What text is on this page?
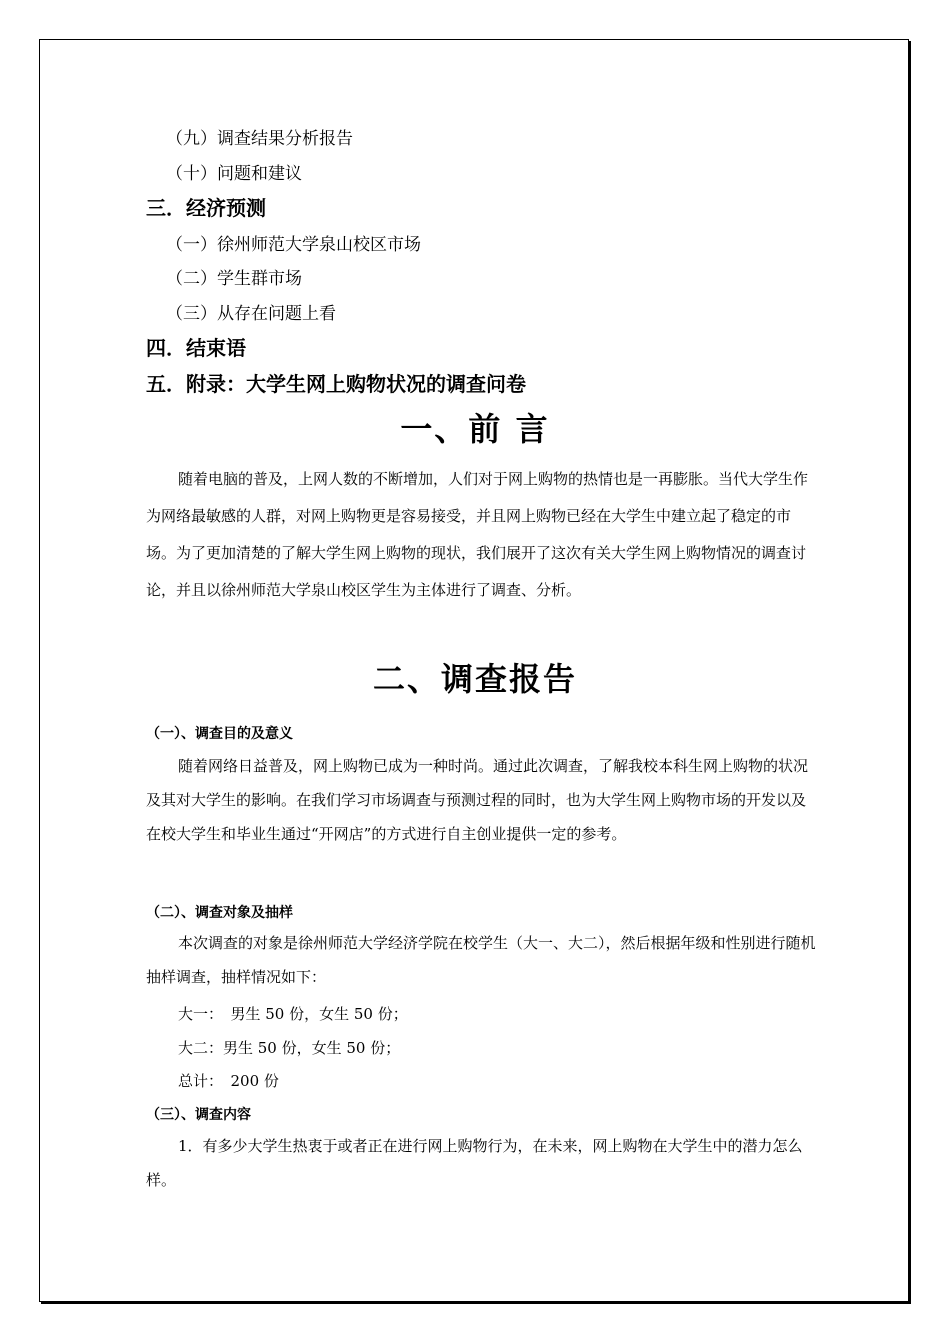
（九）调查结果分析报告
（十）问题和建议
三．经济预测
（一）徐州师范大学泉山校区市场
（二）学生群市场
（三）从存在问题上看
四．结束语
五．附录：大学生网上购物状况的调查问卷
一、前 言
随着电脑的普及，上网人数的不断增加，人们对于网上购物的热情也是一再膨胀。当代大学生作为网络最敏感的人群，对网上购物更是容易接受，并且网上购物已经在大学生中建立起了稳定的市场。为了更加清楚的了解大学生网上购物的现状，我们展开了这次有关大学生网上购物情况的调查讨论，并且以徐州师范大学泉山校区学生为主体进行了调查、分析。
二、调查报告
（一）、调查目的及意义
随着网络日益普及，网上购物已成为一种时尚。通过此次调查，了解我校本科生网上购物的状况及其对大学生的影响。在我们学习市场调查与预测过程的同时，也为大学生网上购物市场的开发以及在校大学生和毕业生通过“开网店”的方式进行自主创业提供一定的参考。
（二）、调查对象及抽样
本次调查的对象是徐州师范大学经济学院在校学生（大一、大二），然后根据年级和性别进行随机抽样调查，抽样情况如下：
大一：　男生 50 份，女生 50 份；
大二：男生 50 份，女生 50 份；
总计：　200 份
（三）、调查内容
1．有多少大学生热衷于或者正在进行网上购物行为，在未来，网上购物在大学生中的潜力怎么样。
